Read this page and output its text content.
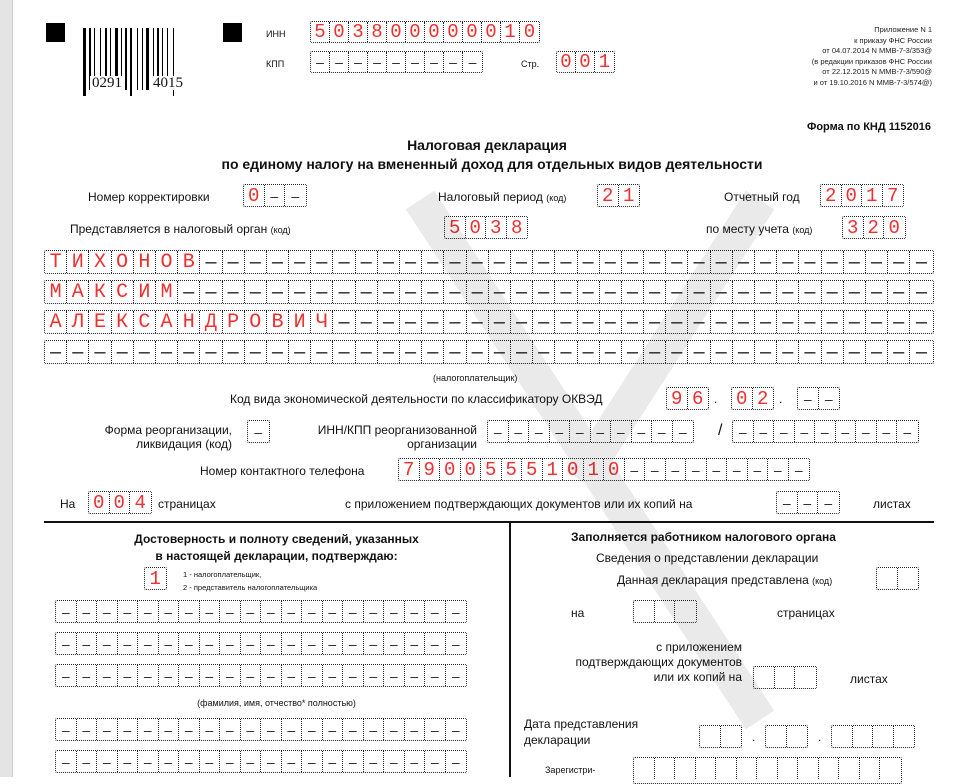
0291 4015
ИНН 5 0 3 8 0 0 0 0 0 0 1 0
КПП	– – – – – – – – –	Стр. 0 0 1
Приложение N 1
к приказу ФНС России
от 04.07.2014 N ММВ-7-3/353@
(в редакции приказов ФНС России
от 22.12.2015 N ММВ-7-3/590@
и от 19.10.2016 N ММВ-7-3/574@)
Форма по КНД 1152016
Налоговая декларация
по единому налогу на вмененный доход для отдельных видов деятельности
Номер корректировки 0 – –	Налоговый период (код) 2 1	Отчетный год 2 0 1 7
Представляется в налоговый орган (код)	5 0 3 8	по месту учета (код) 3 2 0
Т И Х О Н О В – – – – – – – – – – – – – – – – – – – – – – – – – – – – – – – – –
М А К С И М – – – – – – – – – – – – – – – – – – – – – – – – – – – – – – – – – –
А Л Е К С А Н Д Р О В И Ч – – – – – – – – – – – – – – – – – – – – – – – – – – –
– – – – – – – – – – – – – – – – – – – – – – – – – – – – – – – – – – – – – – – –
(налогоплательщик)
Код вида экономической деятельности по классификатору ОКВЭД	9 6 . 0 2 .	– –
Форма реорганизации,
ликвидация (код)
–	ИНН/КПП реорганизованной
организации
– – – – – – – – – –	/	– – – – – – – – –
Номер контактного телефона 7 9 0 0 5 5 5 1 0 1 0 – – – – – – – – –
На 0 0 4	страницах	с приложением подтверждающих документов или их копий на	– – –	листах
Достоверность и полноту сведений, указанных
в настоящей декларации, подтверждаю:
1	1 - налогоплательщик,
2 - представитель налогоплательщика
– – – – – – – – – – – – – – – – – – – –
– – – – – – – – – – – – – – – – – – – –
– – – – – – – – – – – – – – – – – – – –
(фамилия, имя, отчество* полностью)
– – – – – – – – – – – – – – – – – – – –
– – – – – – – – – – – – – – – – – – – –
Заполняется работником налогового органа
Сведения о представлении декларации
Данная декларация представлена (код)
на	страницах
с приложением
подтверждающих документов
или их копий на	листах
Дата представления
декларации	.	.
Зарегистри-
